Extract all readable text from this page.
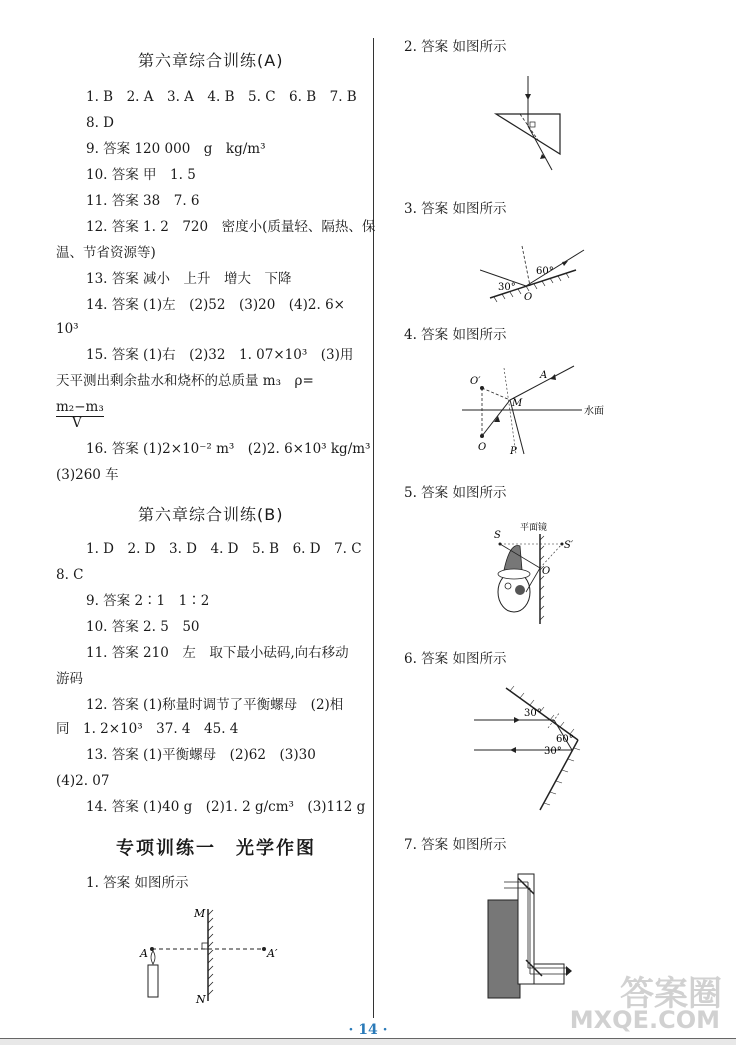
第六章综合训练(A)
1. B　2. A　3. A　4. B　5. C　6. B　7. B
8. D
9. 答案 120 000　g　kg/m³
10. 答案 甲　1. 5
11. 答案 38　7. 6
12. 答案 1. 2　720　密度小(质量轻、隔热、保
温、节省资源等)
13. 答案 减小　上升　增大　下降
14. 答案 (1)左　(2)52　(3)20　(4)2. 6×
10³
15. 答案 (1)右　(2)32　1. 07×10³　(3)用
天平测出剩余盐水和烧杯的总质量 m₃　ρ=
m₂−m₃
V
16. 答案 (1)2×10⁻² m³　(2)2. 6×10³ kg/m³
(3)260 车
第六章综合训练(B)
1. D　2. D　3. D　4. D　5. B　6. D　7. C
8. C
9. 答案 2∶1　1∶2
10. 答案 2. 5　50
11. 答案 210　左　取下最小砝码,向右移动
游码
12. 答案 (1)称量时调节了平衡螺母　(2)相
同　1. 2×10³　37. 4　45. 4
13. 答案 (1)平衡螺母　(2)62　(3)30
(4)2. 07
14. 答案 (1)40 g　(2)1. 2 g/cm³　(3)112 g
专项训练一　光学作图
1. 答案 如图所示
M
N
A	A′
2. 答案 如图所示
3. 答案 如图所示
30°
60°
O
4. 答案 如图所示
O′
A
M
水面
O P
5. 答案 如图所示
平面镜
S
S′
O
6. 答案 如图所示
30°
60°
30°
7. 答案 如图所示
答案圈
MXQE.COM
· 14 ·
